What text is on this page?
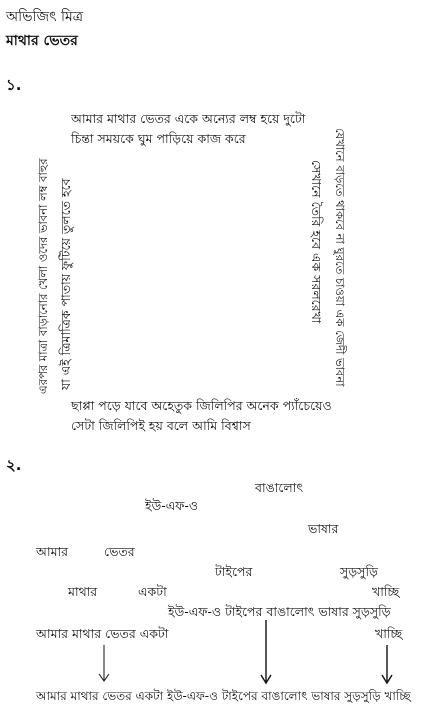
অভিজিৎ মিত্র
মাথার ভেতর
১.
আমার মাথার ভেতর একে অন্যের লম্ব হয়ে দুটো
চিন্তা সময়কে ঘুম পাড়িয়ে কাজ করে
এরপর মাত্রা বাড়ানোর খেলা ওদের ভাবনা লম্ব বাহুর যা এই ত্রিমাত্রিক পাতায় ফুটিয়ে তুলতে হবে	সেখানে তৈরি হবে এক সরলরেখা যেখানে বাড়তে থাকবে না ঘুরতে চাওয়া এক জেদী ভাবনা
ছাপ্পা পড়ে যাবে অহেতুক জিলিপির অনেক প্যাঁচেয়েও
সেটা জিলিপিই হয় বলে আমি বিশ্বাস
২.
বাঙালোৎ
ইউ-এফ-ও
ভাষার
আমার	ভেতর
টাইপের	সুড়সুড়ি
মাথার	একটা	খাচ্ছি
ইউ-এফ-ও টাইপের বাঙালোৎ ভাষার সুড়সুড়ি
আমার মাথার ভেতর একটা	খাচ্ছি
আমার মাথার ভেতর একটা ইউ-এফ-ও টাইপের বাঙালোৎ ভাষার সুড়সুড়ি খাচ্ছি
